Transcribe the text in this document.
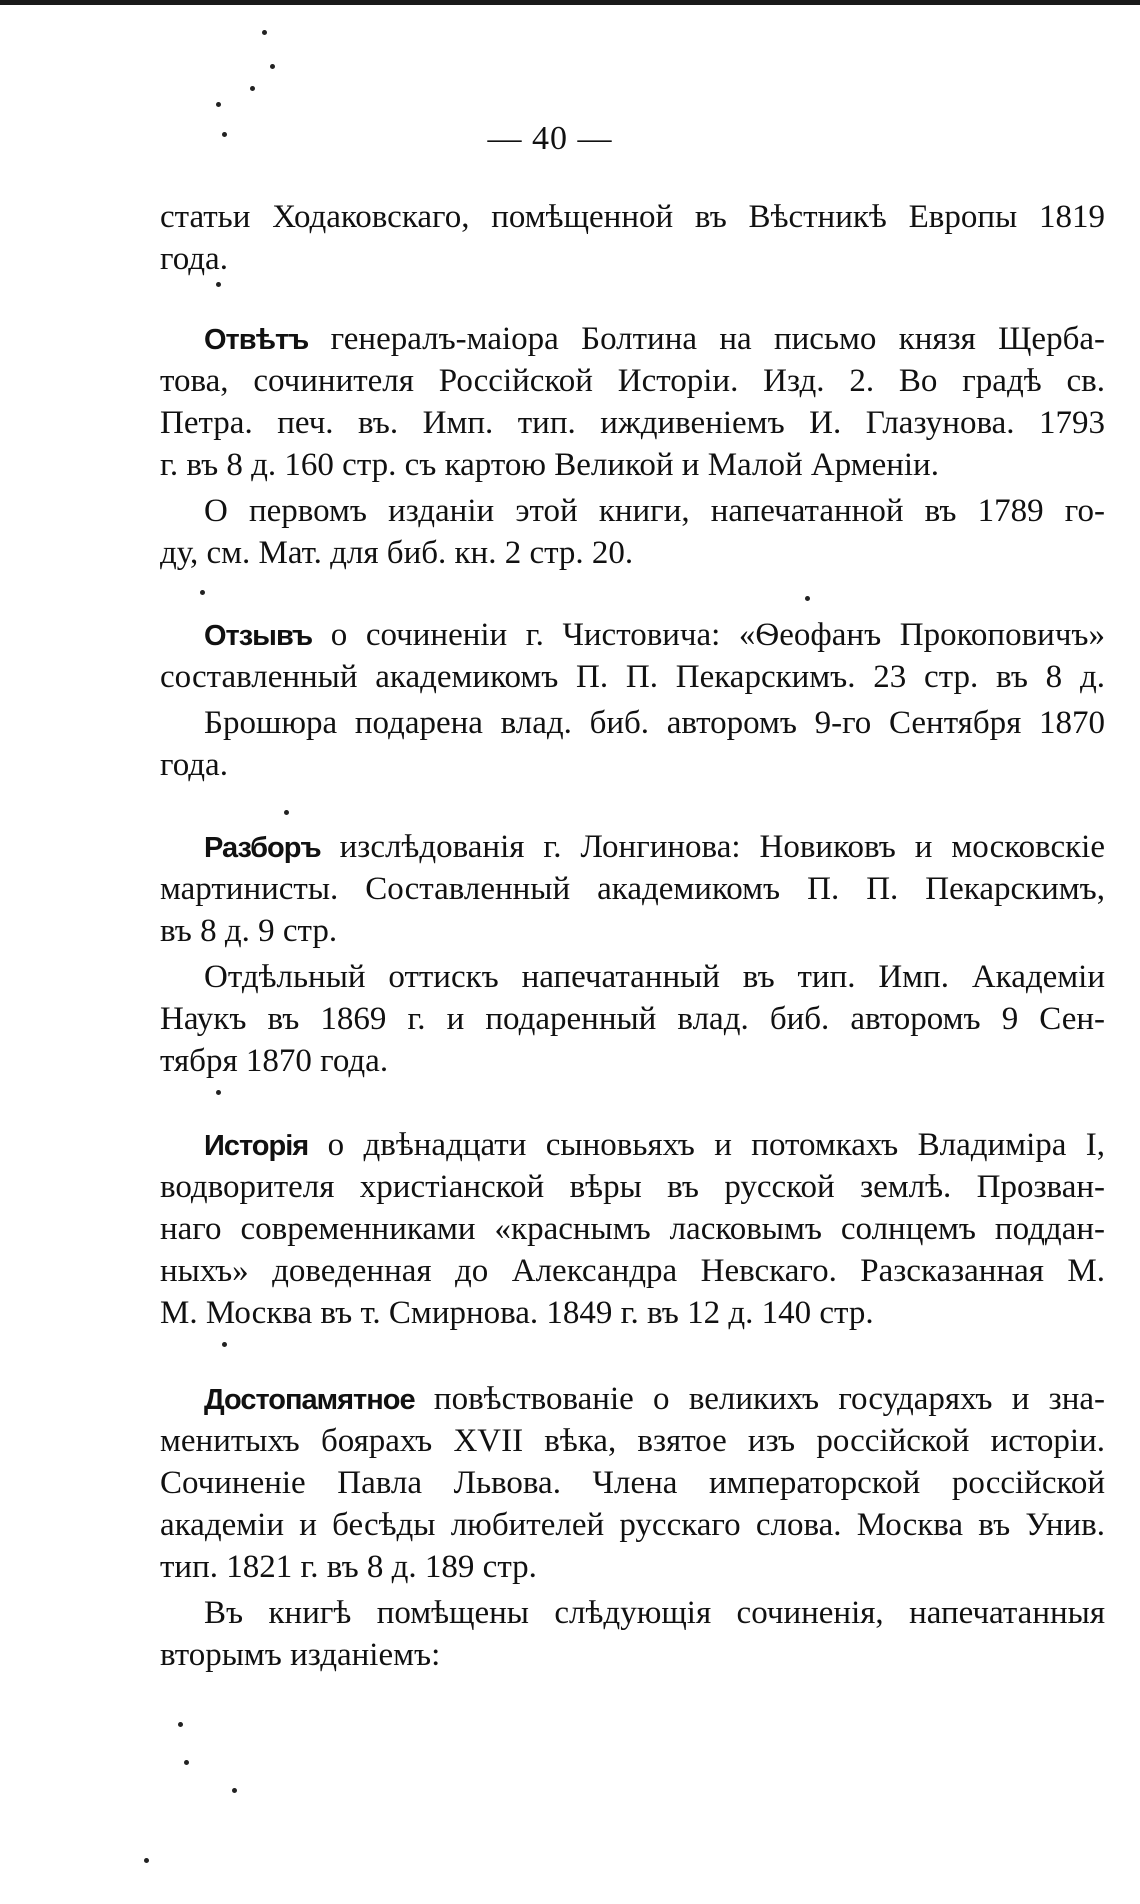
— 40 —
статьи Ходаковскаго, помѣщенной въ Вѣстникѣ Европы 1819
года.
Отвѣтъ генералъ-маіора Болтина на письмо князя Щерба-
това, сочинителя Россійской Исторіи. Изд. 2. Во градѣ св.
Петра. печ. въ. Имп. тип. иждивеніемъ И. Глазунова. 1793
г. въ 8 д. 160 стр. съ картою Великой и Малой Арменіи.
О первомъ изданіи этой книги, напечатанной въ 1789 го-
ду, см. Мат. для биб. кн. 2 стр. 20.
Отзывъ о сочиненіи г. Чистовича: «Ѳеофанъ Прокоповичъ»
составленный академикомъ П. П. Пекарскимъ. 23 стр. въ 8 д.
Брошюра подарена влад. биб. авторомъ 9-го Сентября 1870
года.
Разборъ изслѣдованія г. Лонгинова: Новиковъ и московскіе
мартинисты. Составленный академикомъ П. П. Пекарскимъ,
въ 8 д. 9 стр.
Отдѣльный оттискъ напечатанный въ тип. Имп. Академіи
Наукъ въ 1869 г. и подаренный влад. биб. авторомъ 9 Сен-
тября 1870 года.
Исторія о двѣнадцати сыновьяхъ и потомкахъ Владиміра I,
водворителя христіанской вѣры въ русской землѣ. Прозван-
наго современниками «краснымъ ласковымъ солнцемъ поддан-
ныхъ» доведенная до Александра Невскаго. Разсказанная М.
М. Москва въ т. Смирнова. 1849 г. въ 12 д. 140 стр.
Достопамятное повѣствованіе о великихъ государяхъ и зна-
менитыхъ боярахъ XVII вѣка, взятое изъ россійской исторіи.
Сочиненіе Павла Львова. Члена императорской россійской
академіи и бесѣды любителей русскаго слова. Москва въ Унив.
тип. 1821 г. въ 8 д. 189 стр.
Въ книгѣ помѣщены слѣдующія сочиненія, напечатанныя
вторымъ изданіемъ:
